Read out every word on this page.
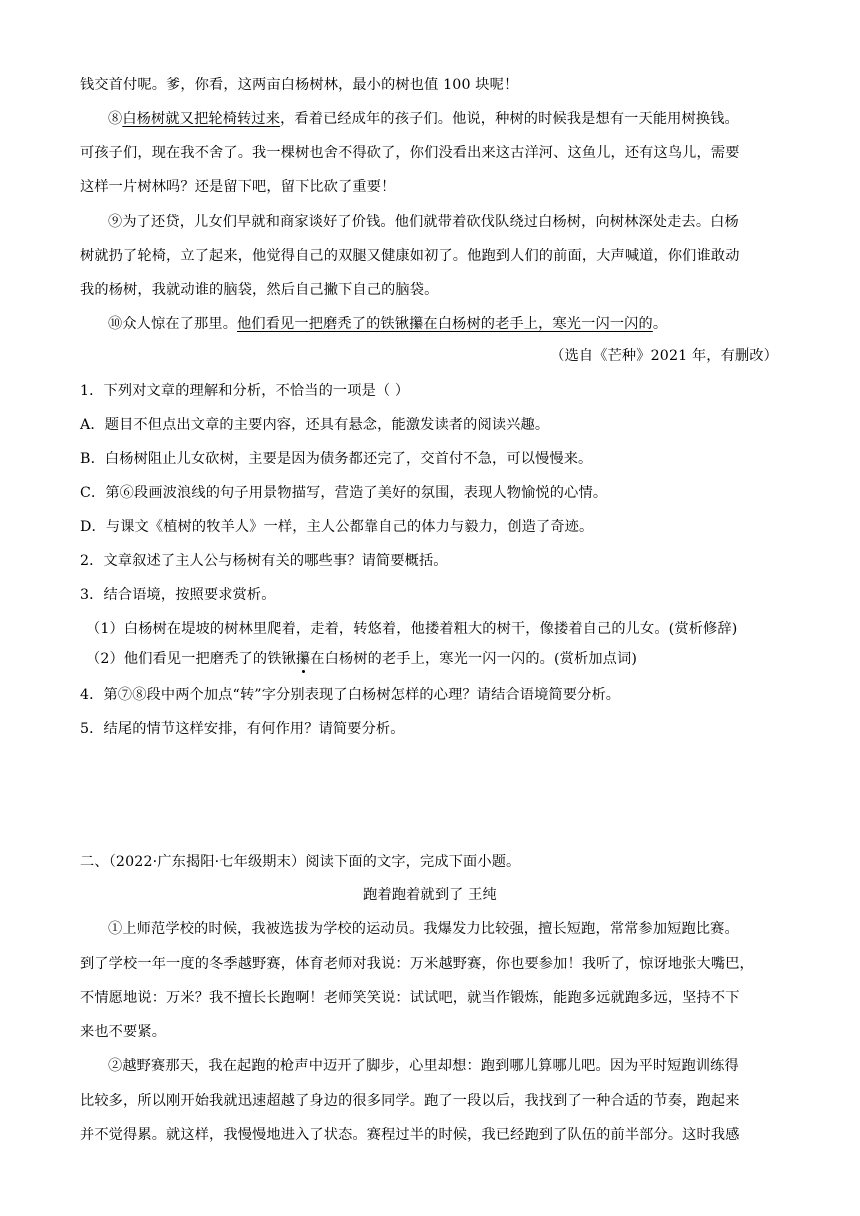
钱交首付呢。爹，你看，这两亩白杨树林，最小的树也值 100 块呢！
⑧白杨树就又把轮椅转过来，看着已经成年的孩子们。他说，种树的时候我是想有一天能用树换钱。
可孩子们，现在我不舍了。我一棵树也舍不得砍了，你们没看出来这古洋河、这鱼儿，还有这鸟儿，需要
这样一片树林吗？还是留下吧，留下比砍了重要！
⑨为了还贷，儿女们早就和商家谈好了价钱。他们就带着砍伐队绕过白杨树，向树林深处走去。白杨
树就扔了轮椅，立了起来，他觉得自己的双腿又健康如初了。他跑到人们的前面，大声喊道，你们谁敢动
我的杨树，我就动谁的脑袋，然后自己撇下自己的脑袋。
⑩众人惊在了那里。他们看见一把磨秃了的铁锹攥在白杨树的老手上，寒光一闪一闪的。
（选自《芒种》2021 年，有删改）
1．下列对文章的理解和分析，不恰当的一项是（ ）
A．题目不但点出文章的主要内容，还具有悬念，能激发读者的阅读兴趣。
B．白杨树阻止儿女砍树，主要是因为债务都还完了，交首付不急，可以慢慢来。
C．第⑥段画波浪线的句子用景物描写，营造了美好的氛围，表现人物愉悦的心情。
D．与课文《植树的牧羊人》一样，主人公都靠自己的体力与毅力，创造了奇迹。
2．文章叙述了主人公与杨树有关的哪些事？请简要概括。
3．结合语境，按照要求赏析。
（1）白杨树在堤坡的树林里爬着，走着，转悠着，他搂着粗大的树干，像搂着自己的儿女。(赏析修辞)
（2）他们看见一把磨秃了的铁锹攥在白杨树的老手上，寒光一闪一闪的。(赏析加点词)
4．第⑦⑧段中两个加点“转”字分别表现了白杨树怎样的心理？请结合语境简要分析。
5．结尾的情节这样安排，有何作用？请简要分析。
二、（2022·广东揭阳·七年级期末）阅读下面的文字，完成下面小题。
跑着跑着就到了 王纯
①上师范学校的时候，我被选拔为学校的运动员。我爆发力比较强，擅长短跑，常常参加短跑比赛。
到了学校一年一度的冬季越野赛，体育老师对我说：万米越野赛，你也要参加！我听了，惊讶地张大嘴巴，
不情愿地说：万米？我不擅长长跑啊！老师笑笑说：试试吧，就当作锻炼，能跑多远就跑多远，坚持不下
来也不要紧。
②越野赛那天，我在起跑的枪声中迈开了脚步，心里却想：跑到哪儿算哪儿吧。因为平时短跑训练得
比较多，所以刚开始我就迅速超越了身边的很多同学。跑了一段以后，我找到了一种合适的节奏，跑起来
并不觉得累。就这样，我慢慢地进入了状态。赛程过半的时候，我已经跑到了队伍的前半部分。这时我感
